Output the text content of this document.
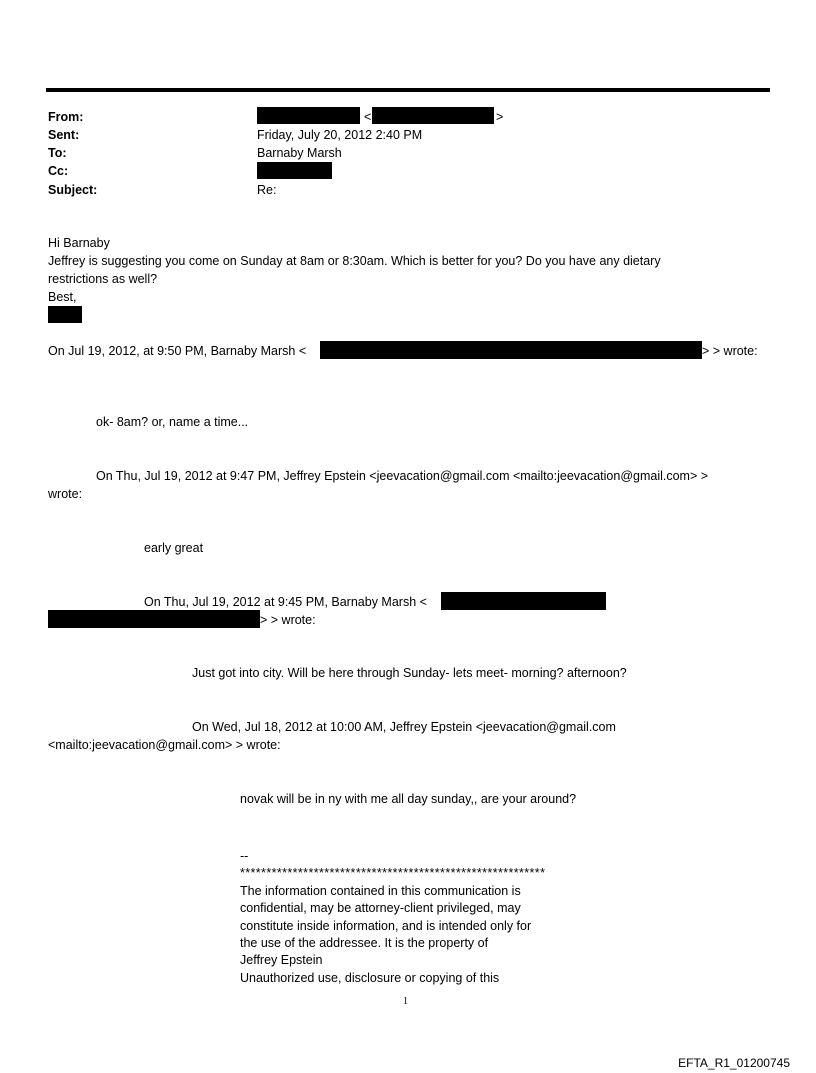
From:
Sent:
To:
Cc:
Subject:
<	>
Friday, July 20, 2012 2:40 PM
Barnaby Marsh
Re:
Hi Barnaby
Jeffrey is suggesting you come on Sunday at 8am or 8:30am. Which is better for you? Do you have any dietary
restrictions as well?
Best,
On Jul 19, 2012, at 9:50 PM, Barnaby Marsh <	> > wrote:
ok- 8am? or, name a time...
On Thu, Jul 19, 2012 at 9:47 PM, Jeffrey Epstein <jeevacation@gmail.com <mailto:jeevacation@gmail.com> >
wrote:
early great
On Thu, Jul 19, 2012 at 9:45 PM, Barnaby Marsh <
> > wrote:
Just got into city. Will be here through Sunday- lets meet- morning? afternoon?
On Wed, Jul 18, 2012 at 10:00 AM, Jeffrey Epstein <jeevacation@gmail.com
<mailto:jeevacation@gmail.com> > wrote:
novak will be in ny with me all day sunday,, are your around?
--
**********************************************************
The information contained in this communication is
confidential, may be attorney-client privileged, may
constitute inside information, and is intended only for
the use of the addressee. It is the property of
Jeffrey Epstein
Unauthorized use, disclosure or copying of this
1
EFTA_R1_01200745
